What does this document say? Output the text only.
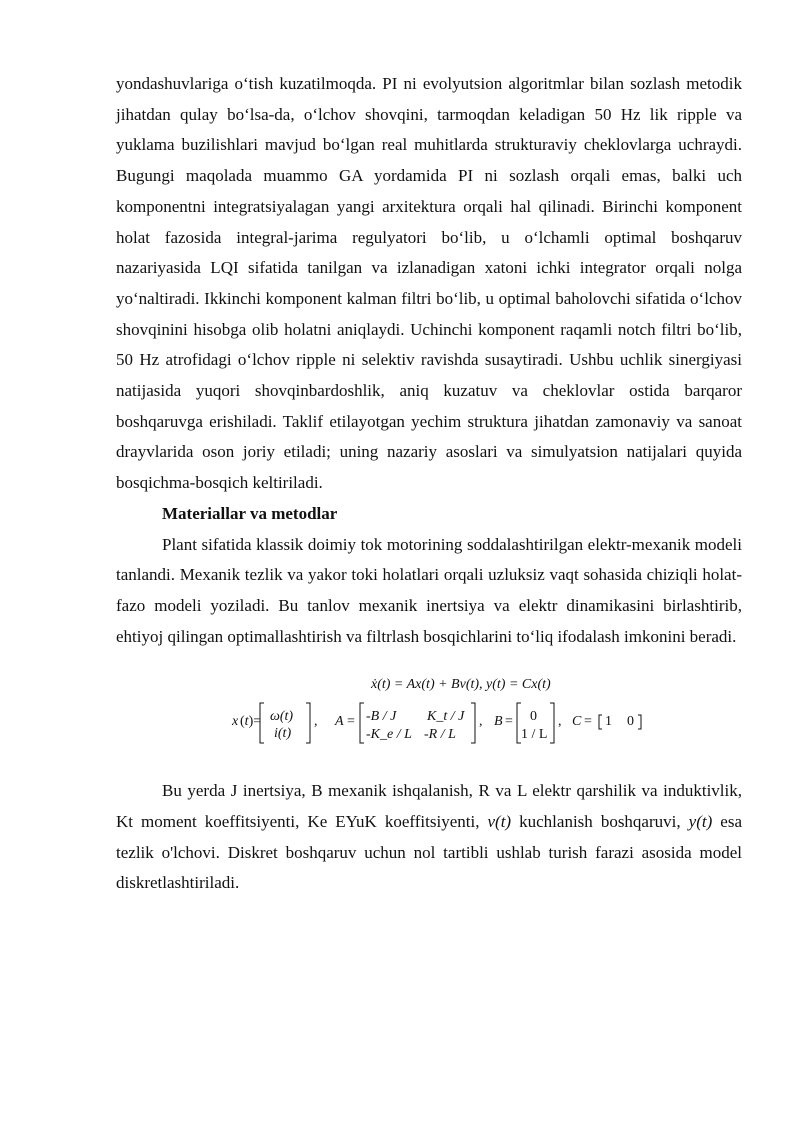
yondashuvlariga o‘tish kuzatilmoqda. PI ni evolyutsion algoritmlar bilan sozlash metodik jihatdan qulay bo‘lsa-da, o‘lchov shovqini, tarmoqdan keladigan 50 Hz lik ripple va yuklama buzilishlari mavjud bo‘lgan real muhitlarda strukturaviy cheklovlarga uchraydi. Bugungi maqolada muammo GA yordamida PI ni sozlash orqali emas, balki uch komponentni integratsiyalagan yangi arxitektura orqali hal qilinadi. Birinchi komponent holat fazosida integral-jarima regulyatori bo‘lib, u o‘lchamli optimal boshqaruv nazariyasida LQI sifatida tanilgan va izlanadigan xatoni ichki integrator orqali nolga yo‘naltiradi. Ikkinchi komponent kalman filtri bo‘lib, u optimal baholovchi sifatida o‘lchov shovqinini hisobga olib holatni aniqlaydi. Uchinchi komponent raqamli notch filtri bo‘lib, 50 Hz atrofidagi o‘lchov ripple ni selektiv ravishda susaytiradi. Ushbu uchlik sinergiyasi natijasida yuqori shovqinbardoshlik, aniq kuzatuv va cheklovlar ostida barqaror boshqaruvga erishiladi. Taklif etilayotgan yechim struktura jihatdan zamonaviy va sanoat drayvlarida oson joriy etiladi; uning nazariy asoslari va simulyatsion natijalari quyida bosqichma-bosqich keltiriladi.

Materiallar va metodlar

Plant sifatida klassik doimiy tok motorining soddalashtirilgan elektr-mexanik modeli tanlandi. Mexanik tezlik va yakor toki holatlari orqali uzluksiz vaqt sohasida chiziqli holat-fazo modeli yoziladi. Bu tanlov mexanik inertsiya va elektr dinamikasini birlashtirib, ehtiyoj qilingan optimallashtirish va filtrlash bosqichlarini to‘liq ifodalash imkonini beradi.

ẋ(t) = Ax(t) + Bv(t), y(t) = Cx(t)
x (t)= ω(t)
i(t)
, A = -B / J K_t / J
-K_e / L -R / L
, B = 0
1 / L
, C = 1 0

Bu yerda J inertsiya, B mexanik ishqalanish, R va L elektr qarshilik va induktivlik, Kt moment koeffitsiyenti, Ke EYuK koeffitsiyenti, v(t) kuchlanish boshqaruvi, y(t) esa tezlik o'lchovi. Diskret boshqaruv uchun nol tartibli ushlab turish farazi asosida model diskretlashtiriladi.
